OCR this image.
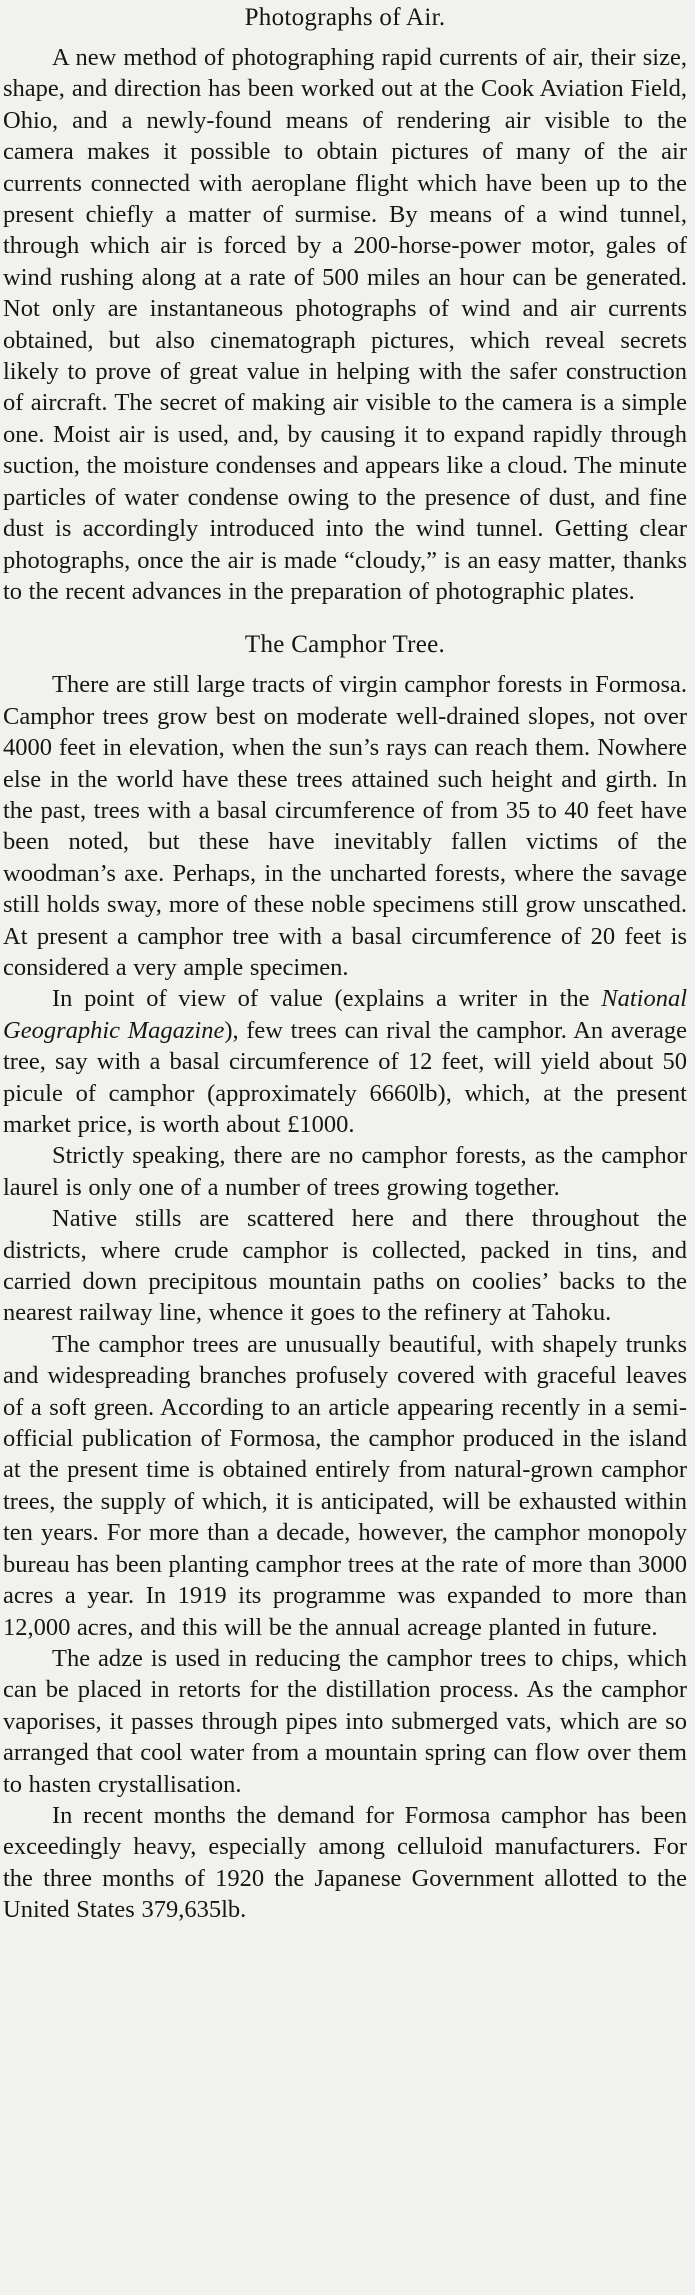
Photographs of Air.

A new method of photographing rapid currents of air, their size, shape, and direction has been worked out at the Cook Aviation Field, Ohio, and a newly-found means of rendering air visible to the camera makes it possible to obtain pictures of many of the air currents connected with aeroplane flight which have been up to the present chiefly a matter of surmise. By means of a wind tunnel, through which air is forced by a 200-horse-power motor, gales of wind rushing along at a rate of 500 miles an hour can be generated. Not only are instantaneous photographs of wind and air currents obtained, but also cinematograph pictures, which reveal secrets likely to prove of great value in helping with the safer construction of aircraft. The secret of making air visible to the camera is a simple one. Moist air is used, and, by causing it to expand rapidly through suction, the moisture condenses and appears like a cloud. The minute particles of water condense owing to the presence of dust, and fine dust is accordingly introduced into the wind tunnel. Getting clear photographs, once the air is made “cloudy,” is an easy matter, thanks to the recent advances in the preparation of photographic plates.

The Camphor Tree.

There are still large tracts of virgin camphor forests in Formosa. Camphor trees grow best on moderate well-drained slopes, not over 4000 feet in elevation, when the sun’s rays can reach them. Nowhere else in the world have these trees attained such height and girth. In the past, trees with a basal circumference of from 35 to 40 feet have been noted, but these have inevitably fallen victims of the woodman’s axe. Perhaps, in the uncharted forests, where the savage still holds sway, more of these noble specimens still grow unscathed. At present a camphor tree with a basal circumference of 20 feet is considered a very ample specimen.

In point of view of value (explains a writer in the National Geographic Magazine), few trees can rival the camphor. An average tree, say with a basal circumference of 12 feet, will yield about 50 picule of camphor (approximately 6660lb), which, at the present market price, is worth about £1000.

Strictly speaking, there are no camphor forests, as the camphor laurel is only one of a number of trees growing together.

Native stills are scattered here and there throughout the districts, where crude camphor is collected, packed in tins, and carried down precipitous mountain paths on coolies’ backs to the nearest railway line, whence it goes to the refinery at Tahoku.

The camphor trees are unusually beautiful, with shapely trunks and widespreading branches profusely covered with graceful leaves of a soft green. According to an article appearing recently in a semi-official publication of Formosa, the camphor produced in the island at the present time is obtained entirely from natural-grown camphor trees, the supply of which, it is anticipated, will be exhausted within ten years. For more than a decade, however, the camphor monopoly bureau has been planting camphor trees at the rate of more than 3000 acres a year. In 1919 its programme was expanded to more than 12,000 acres, and this will be the annual acreage planted in future.

The adze is used in reducing the camphor trees to chips, which can be placed in retorts for the distillation process. As the camphor vaporises, it passes through pipes into submerged vats, which are so arranged that cool water from a mountain spring can flow over them to hasten crystallisation.

In recent months the demand for Formosa camphor has been exceedingly heavy, especially among celluloid manufacturers. For the three months of 1920 the Japanese Government allotted to the United States 379,635lb.
